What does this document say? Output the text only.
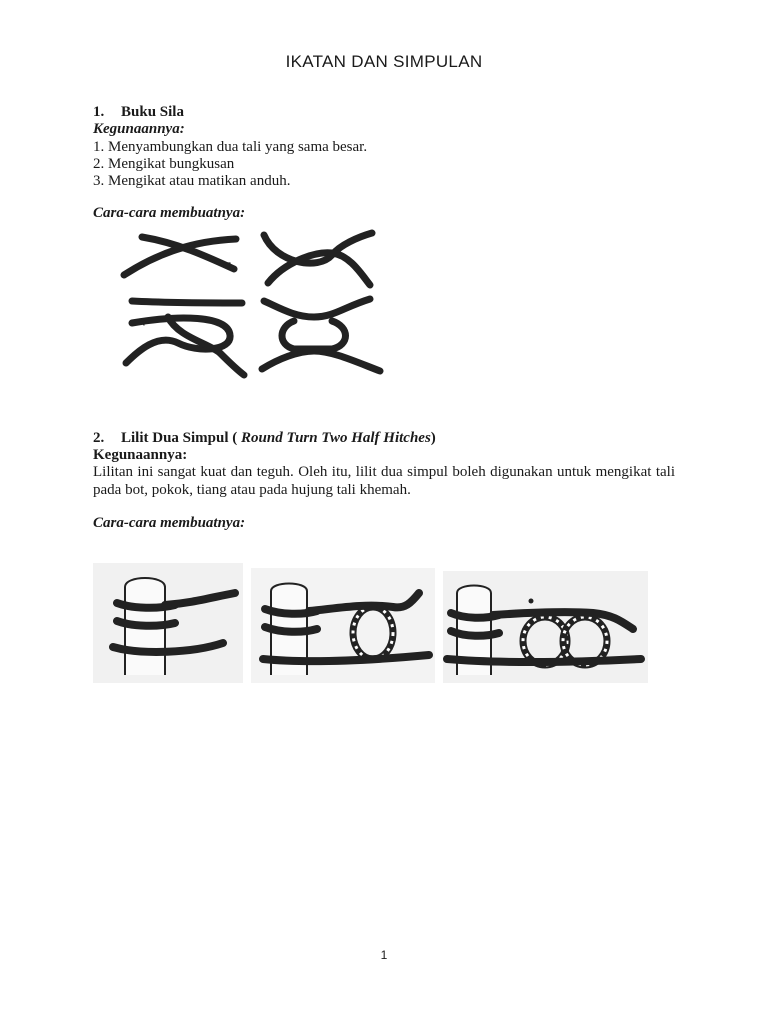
IKATAN DAN SIMPULAN
1. Buku Sila
Kegunaannya:
1. Menyambungkan dua tali yang sama besar.
2. Mengikat bungkusan
3. Mengikat atau matikan anduh.
Cara-cara membuatnya:
2. Lilit Dua Simpul ( Round Turn Two Half Hitches)
Kegunaannya:
Lilitan ini sangat kuat dan teguh. Oleh itu, lilit dua simpul boleh digunakan untuk mengikat tali pada bot, pokok, tiang atau pada hujung tali khemah.
Cara-cara membuatnya:
1
